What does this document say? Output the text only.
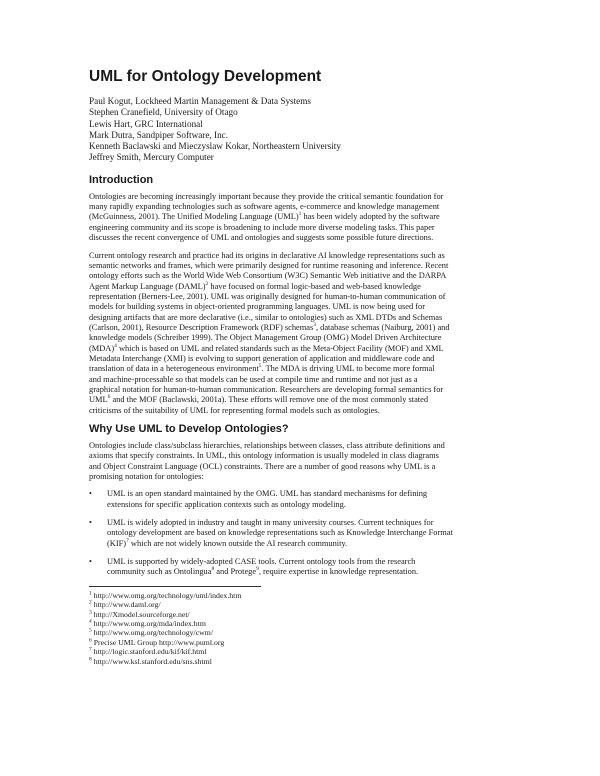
UML for Ontology Development
Paul Kogut, Lockheed Martin Management & Data Systems
Stephen Cranefield, University of Otago
Lewis Hart, GRC International
Mark Dutra, Sandpiper Software, Inc.
Kenneth Baclawski and Mieczyslaw Kokar, Northeastern University
Jeffrey Smith, Mercury Computer
Introduction

Ontologies are becoming increasingly important because they provide the critical semantic foundation for
many rapidly expanding technologies such as software agents, e-commerce and knowledge management
(McGuinness, 2001). The Unified Modeling Language (UML)$^1$ has been widely adopted by the software
engineering community and its scope is broadening to include more diverse modeling tasks. This paper
discusses the recent convergence of UML and ontologies and suggests some possible future directions.

Current ontology research and practice had its origins in declarative AI knowledge representations such as
semantic networks and frames, which were primarily designed for runtime reasoning and inference. Recent
ontology efforts such as the World Wide Web Consortium (W3C) Semantic Web initiative and the DARPA
Agent Markup Language (DAML)$^2$ have focused on formal logic-based and web-based knowledge
representation (Berners-Lee, 2001). UML was originally designed for human-to-human communication of
models for building systems in object-oriented programming languages. UML is now being used for
designing artifacts that are more declarative (i.e., similar to ontologies) such as XML DTDs and Schemas
(Carlson, 2001), Resource Description Framework (RDF) schemas$^3$, database schemas (Naiburg, 2001) and
knowledge models (Schreiber 1999). The Object Management Group (OMG) Model Driven Architecture
(MDA)$^4$ which is based on UML and related standards such as the Meta-Object Facility (MOF) and XML
Metadata Interchange (XMI) is evolving to support generation of application and middleware code and
translation of data in a heterogeneous environment$^5$. The MDA is driving UML to become more formal
and machine-processable so that models can be used at compile time and runtime and not just as a
graphical notation for human-to-human communication. Researchers are developing formal semantics for
UML$^6$ and the MOF (Baclawski, 2001a). These efforts will remove one of the most commonly stated
criticisms of the suitability of UML for representing formal models such as ontologies.

Why Use UML to Develop Ontologies?

Ontologies include class/subclass hierarchies, relationships between classes, class attribute definitions and
axioms that specify constraints. In UML, this ontology information is usually modeled in class diagrams
and Object Constraint Language (OCL) constraints. There are a number of good reasons why UML is a
promising notation for ontologies:

• UML is an open standard maintained by the OMG. UML has standard mechanisms for defining
extensions for specific application contexts such as ontology modeling.
• UML is widely adopted in industry and taught in many university courses. Current techniques for
ontology development are based on knowledge representations such as Knowledge Interchange Format
(KIF)$^7$ which are not widely known outside the AI research community.
• UML is supported by widely-adopted CASE tools. Current ontology tools from the research
community such as Ontolingua$^8$ and Protege$^9$, require expertise in knowledge representation.
$^1$ http://www.omg.org/technology/uml/index.htm
$^2$ http://www.daml.org/
$^3$ http://Xmodel.sourceforge.net/
$^4$ http://www.omg.org/mda/index.htm
$^5$ http://www.omg.org/technology/cwm/
$^6$ Precise UML Group http://www.puml.org
$^7$ http://logic.stanford.edu/kif/kif.html
$^8$ http://www.ksl.stanford.edu/sns.shtml
